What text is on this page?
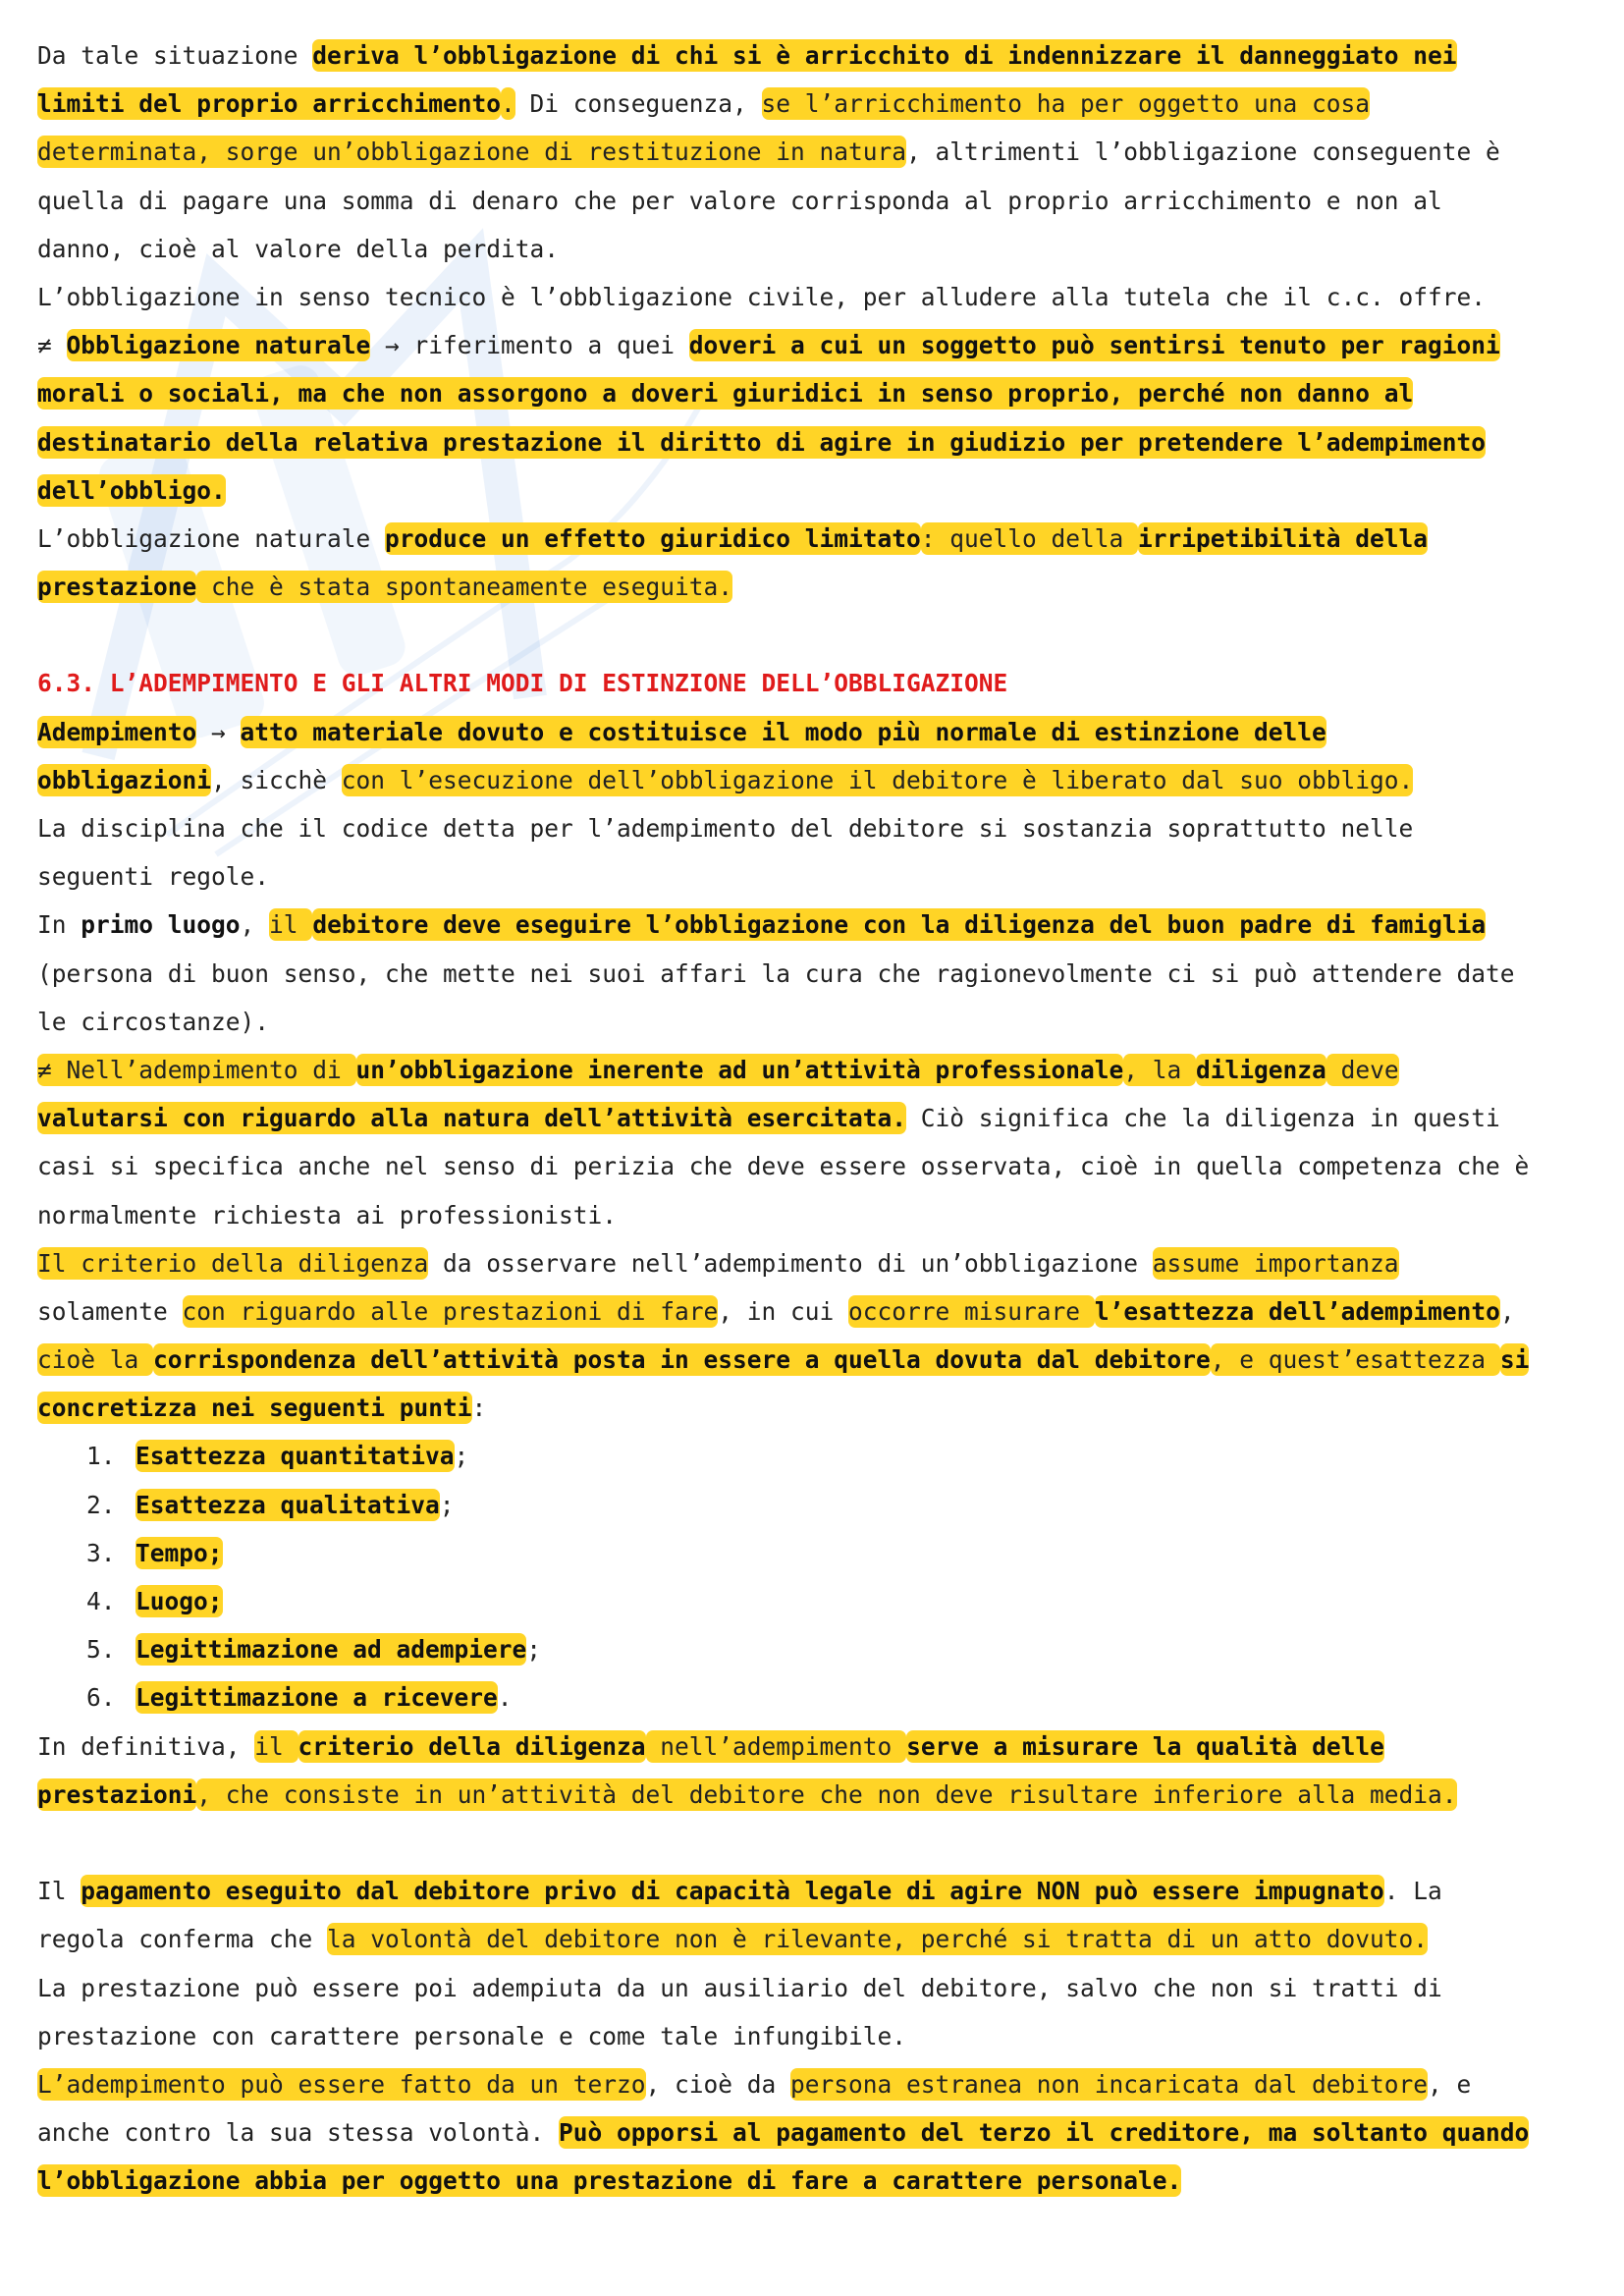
Da tale situazione deriva l’obbligazione di chi si è arricchito di indennizzare il danneggiato nei
limiti del proprio arricchimento. Di conseguenza, se l’arricchimento ha per oggetto una cosa
determinata, sorge un’obbligazione di restituzione in natura, altrimenti l’obbligazione conseguente è
quella di pagare una somma di denaro che per valore corrisponda al proprio arricchimento e non al
danno, cioè al valore della perdita.
L’obbligazione in senso tecnico è l’obbligazione civile, per alludere alla tutela che il c.c. offre.
≠ Obbligazione naturale → riferimento a quei doveri a cui un soggetto può sentirsi tenuto per ragioni
morali o sociali, ma che non assorgono a doveri giuridici in senso proprio, perché non danno al
destinatario della relativa prestazione il diritto di agire in giudizio per pretendere l’adempimento
dell’obbligo.
L’obbligazione naturale produce un effetto giuridico limitato: quello della irripetibilità della
prestazione che è stata spontaneamente eseguita.
6.3. L’ADEMPIMENTO E GLI ALTRI MODI DI ESTINZIONE DELL’OBBLIGAZIONE
Adempimento → atto materiale dovuto e costituisce il modo più normale di estinzione delle
obbligazioni, sicchè con l’esecuzione dell’obbligazione il debitore è liberato dal suo obbligo.
La disciplina che il codice detta per l’adempimento del debitore si sostanzia soprattutto nelle
seguenti regole.
In primo luogo, il debitore deve eseguire l’obbligazione con la diligenza del buon padre di famiglia
(persona di buon senso, che mette nei suoi affari la cura che ragionevolmente ci si può attendere date
le circostanze).
≠ Nell’adempimento di un’obbligazione inerente ad un’attività professionale, la diligenza deve
valutarsi con riguardo alla natura dell’attività esercitata. Ciò significa che la diligenza in questi
casi si specifica anche nel senso di perizia che deve essere osservata, cioè in quella competenza che è
normalmente richiesta ai professionisti.
Il criterio della diligenza da osservare nell’adempimento di un’obbligazione assume importanza
solamente con riguardo alle prestazioni di fare, in cui occorre misurare l’esattezza dell’adempimento,
cioè la corrispondenza dell’attività posta in essere a quella dovuta dal debitore, e quest’esattezza si
concretizza nei seguenti punti:
1. Esattezza quantitativa;
2. Esattezza qualitativa;
3. Tempo;
4. Luogo;
5. Legittimazione ad adempiere;
6. Legittimazione a ricevere.
In definitiva, il criterio della diligenza nell’adempimento serve a misurare la qualità delle
prestazioni, che consiste in un’attività del debitore che non deve risultare inferiore alla media.
Il pagamento eseguito dal debitore privo di capacità legale di agire NON può essere impugnato. La
regola conferma che la volontà del debitore non è rilevante, perché si tratta di un atto dovuto.
La prestazione può essere poi adempiuta da un ausiliario del debitore, salvo che non si tratti di
prestazione con carattere personale e come tale infungibile.
L’adempimento può essere fatto da un terzo, cioè da persona estranea non incaricata dal debitore, e
anche contro la sua stessa volontà. Può opporsi al pagamento del terzo il creditore, ma soltanto quando
l’obbligazione abbia per oggetto una prestazione di fare a carattere personale.
